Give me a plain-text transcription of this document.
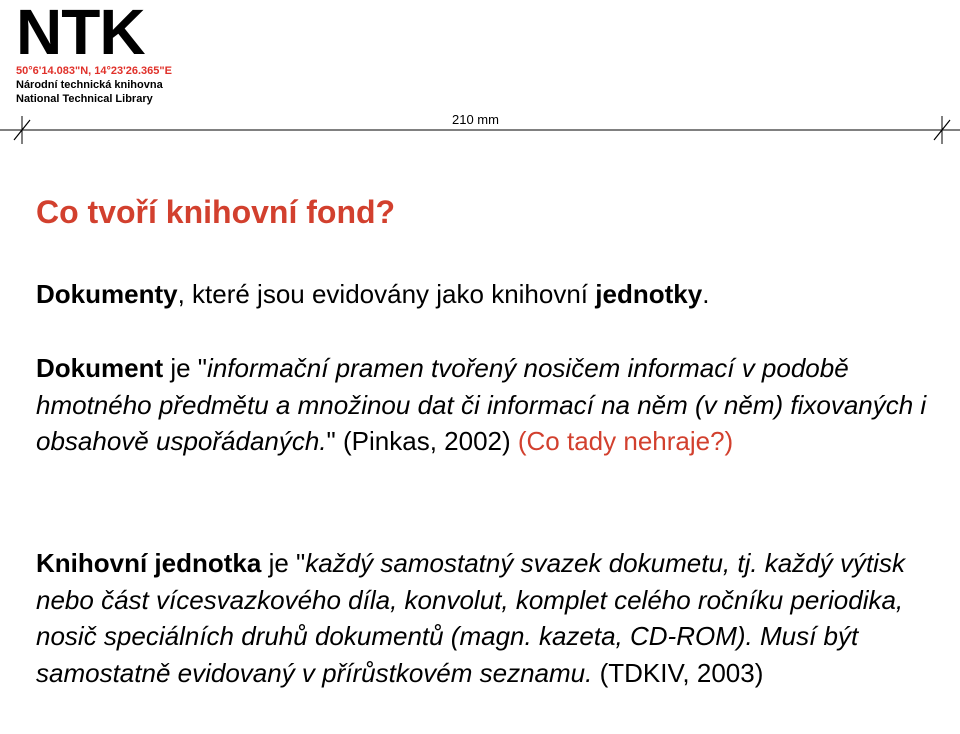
NTK
50°6'14.083"N, 14°23'26.365"E
Národní technická knihovna
National Technical Library
210 mm
Co tvoří knihovní fond?

Dokumenty, které jsou evidovány jako knihovní jednotky.

Dokument je "informační pramen tvořený nosičem informací v podobě hmotného předmětu a množinou dat či informací na něm (v něm) fixovaných i obsahově uspořádaných." (Pinkas, 2002) (Co tady nehraje?)

Knihovní jednotka je "každý samostatný svazek dokumetu, tj. každý výtisk nebo část vícesvazkového díla, konvolut, komplet celého ročníku periodika, nosič speciálních druhů dokumentů (magn. kazeta, CD-ROM). Musí být samostatně evidovaný v přírůstkovém seznamu. (TDKIV, 2003)
